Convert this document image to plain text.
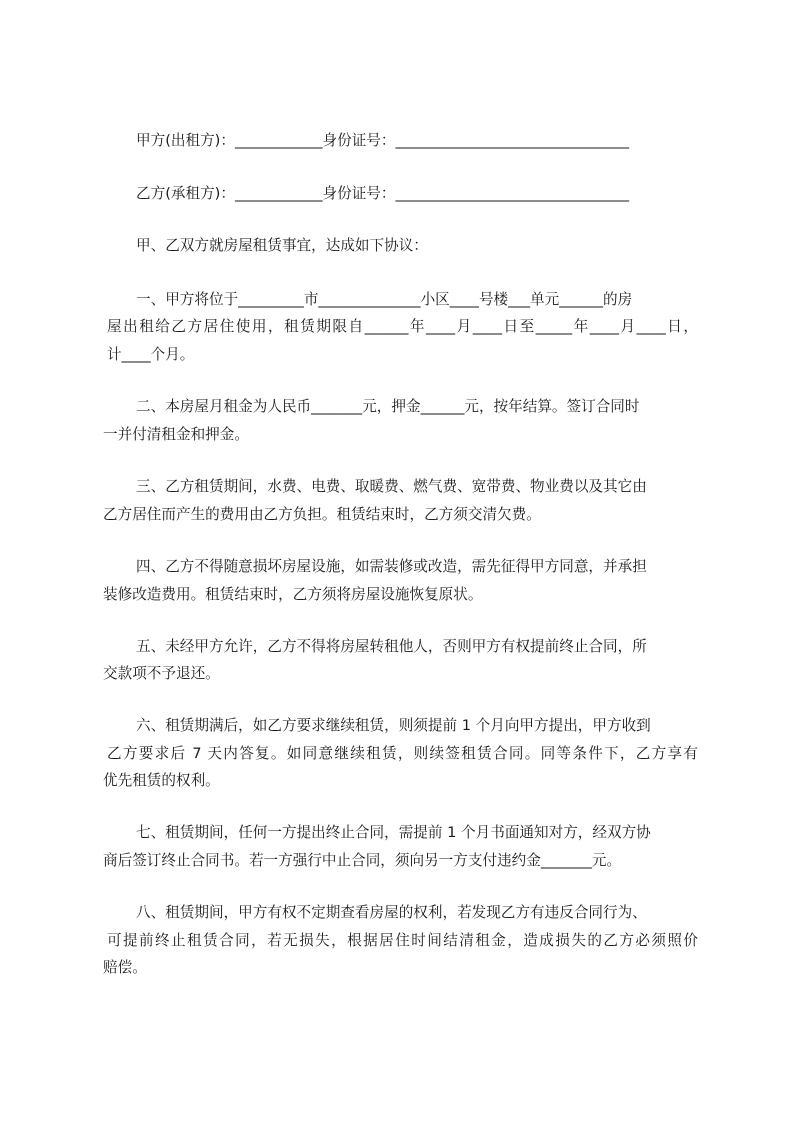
甲方(出租方)：____________身份证号：________________________________
乙方(承租方)：____________身份证号：________________________________
甲、乙双方就房屋租赁事宜，达成如下协议：
一、甲方将位于_________市______________小区____号楼___单元______的房
屋出租给乙方居住使用，租赁期限自______年____月____日至_____年____月____日，
计____个月。
二、本房屋月租金为人民币_______元，押金______元，按年结算。签订合同时
一并付清租金和押金。
三、乙方租赁期间，水费、电费、取暖费、燃气费、宽带费、物业费以及其它由
乙方居住而产生的费用由乙方负担。租赁结束时，乙方须交清欠费。
四、乙方不得随意损坏房屋设施，如需装修或改造，需先征得甲方同意，并承担
装修改造费用。租赁结束时，乙方须将房屋设施恢复原状。
五、未经甲方允许，乙方不得将房屋转租他人，否则甲方有权提前终止合同，所
交款项不予退还。
六、租赁期满后，如乙方要求继续租赁，则须提前 1 个月向甲方提出，甲方收到
乙方要求后 7 天内答复。如同意继续租赁，则续签租赁合同。同等条件下，乙方享有
优先租赁的权利。
七、租赁期间，任何一方提出终止合同，需提前 1 个月书面通知对方，经双方协
商后签订终止合同书。若一方强行中止合同，须向另一方支付违约金_______元。
八、租赁期间，甲方有权不定期查看房屋的权利，若发现乙方有违反合同行为、
可提前终止租赁合同，若无损失，根据居住时间结清租金，造成损失的乙方必须照价
赔偿。
